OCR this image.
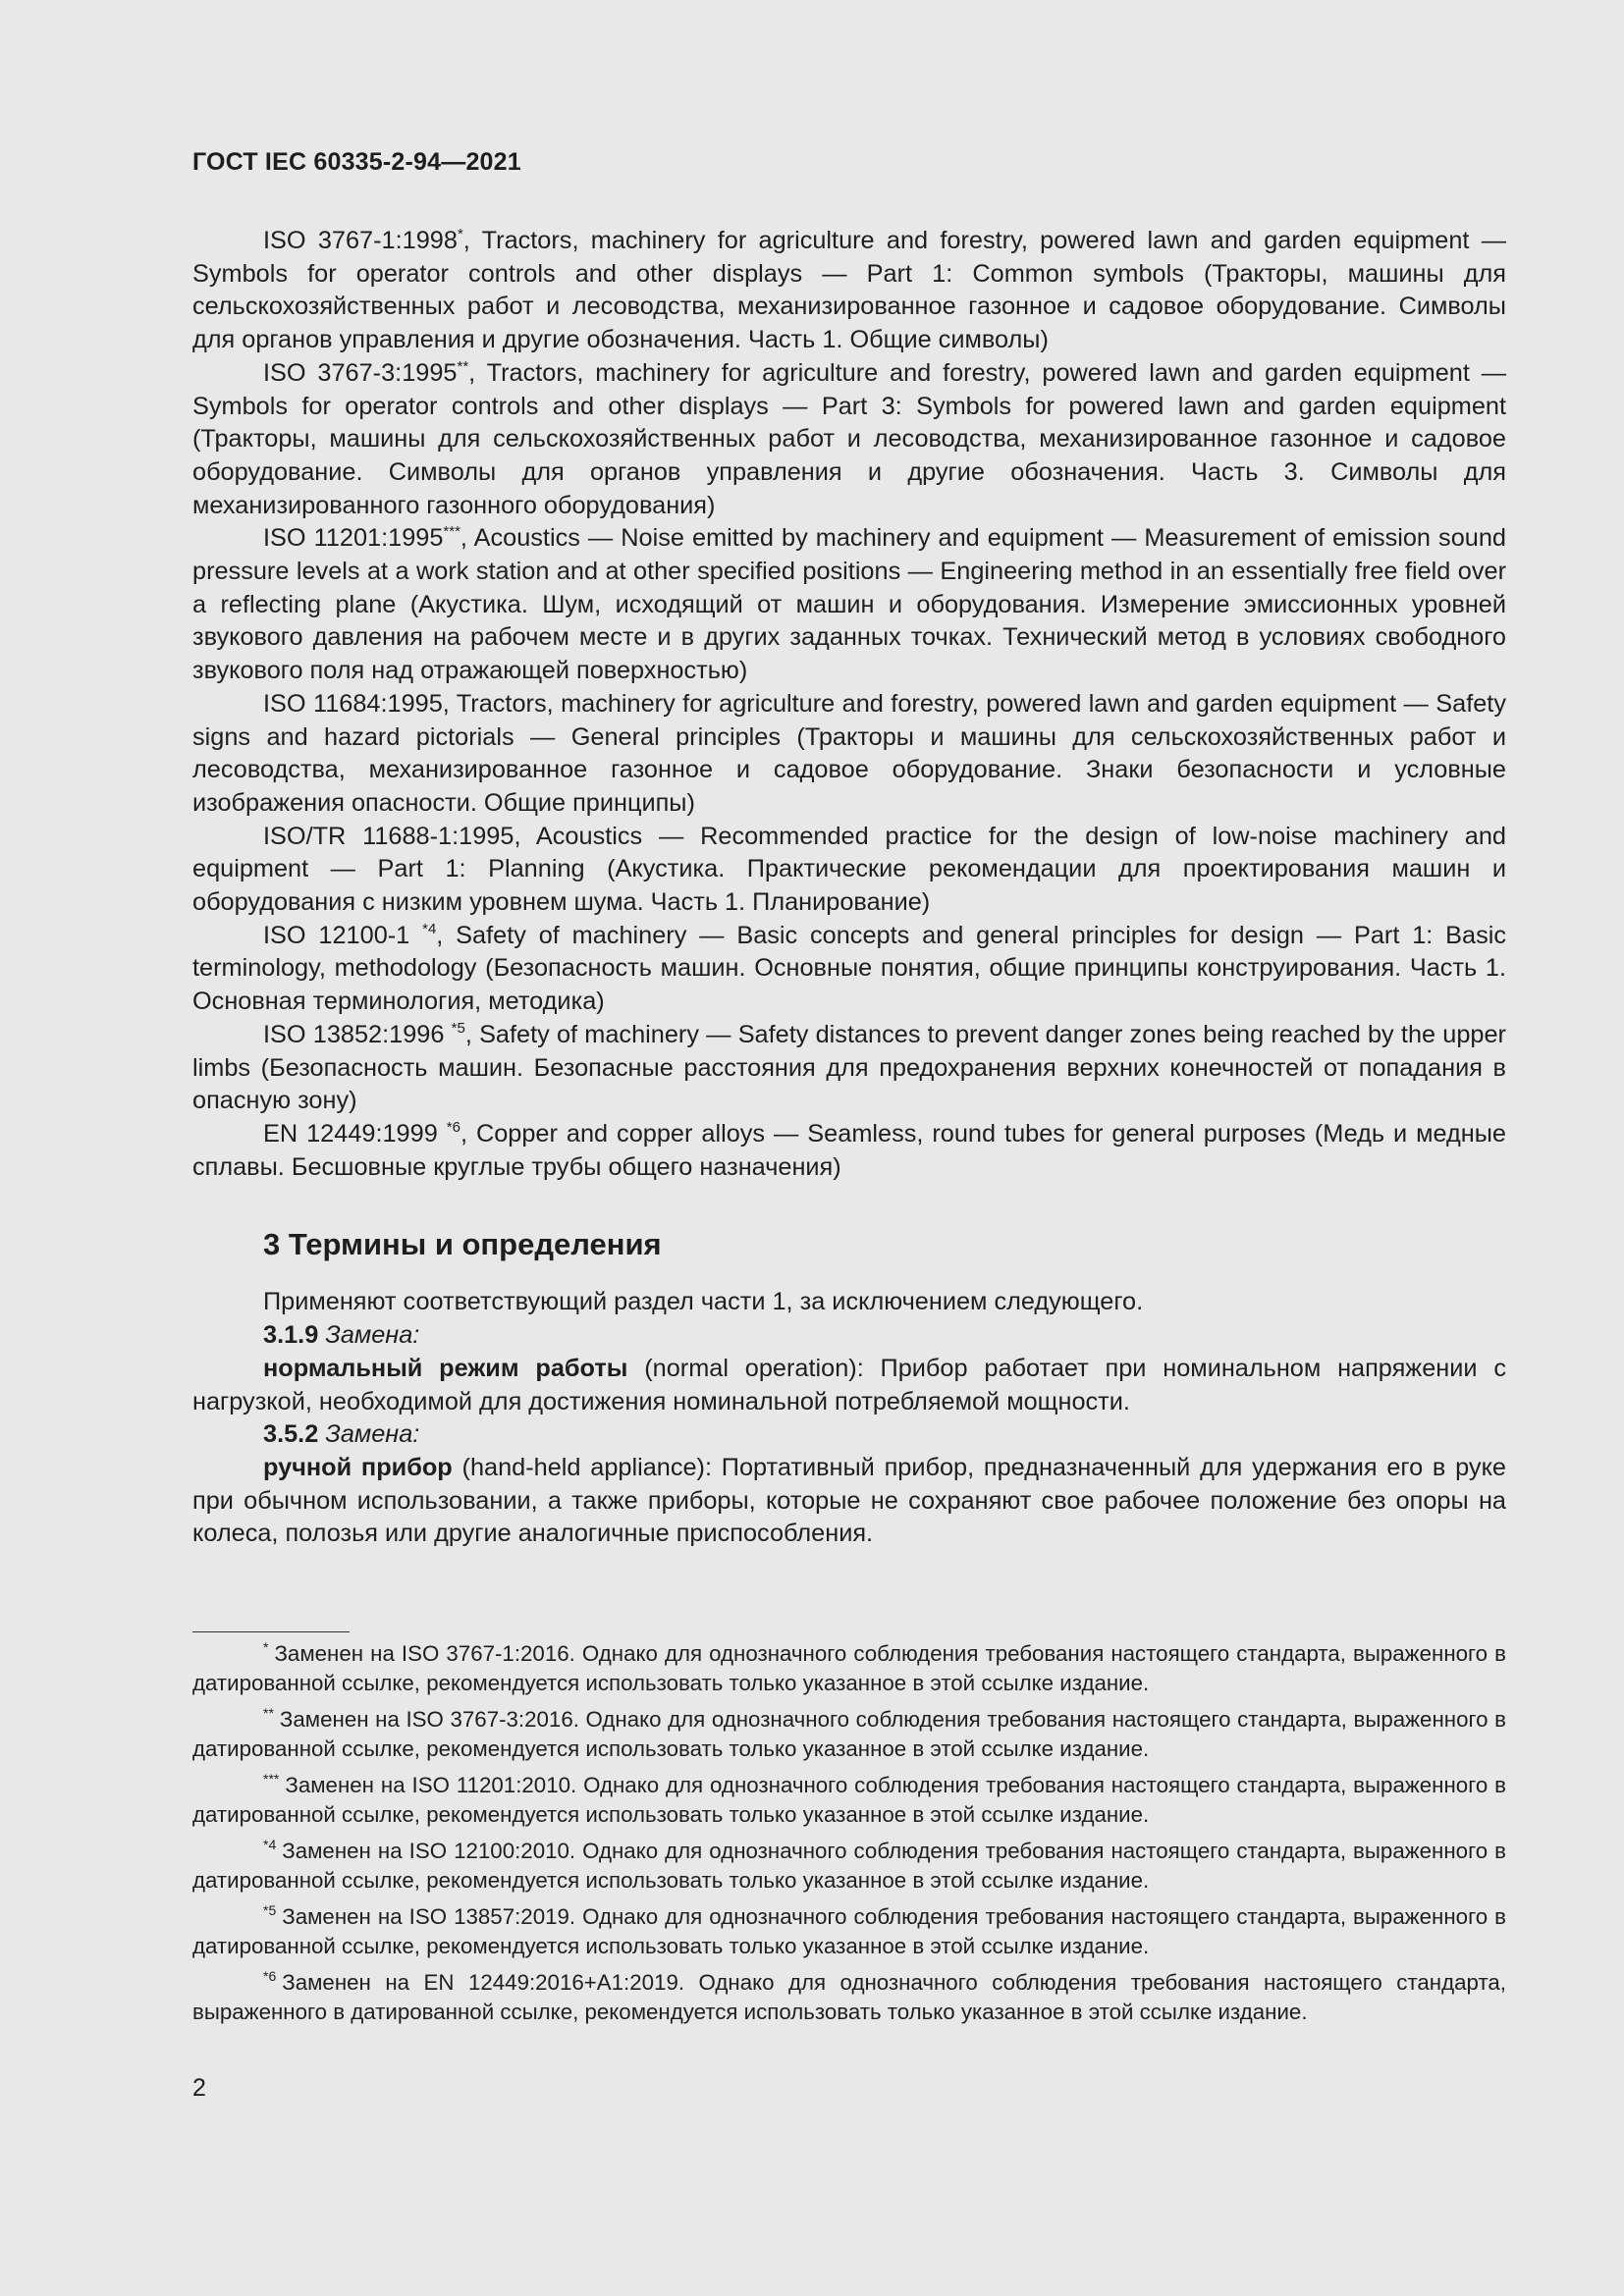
ГОСТ IEC 60335-2-94—2021

ISO 3767-1:1998*, Tractors, machinery for agriculture and forestry, powered lawn and garden equipment — Symbols for operator controls and other displays — Part 1: Common symbols (Тракторы, машины для сельскохозяйственных работ и лесоводства, механизированное газонное и садовое оборудование. Символы для органов управления и другие обозначения. Часть 1. Общие символы)

ISO 3767-3:1995**, Tractors, machinery for agriculture and forestry, powered lawn and garden equipment — Symbols for operator controls and other displays — Part 3: Symbols for powered lawn and garden equipment (Тракторы, машины для сельскохозяйственных работ и лесоводства, механизированное газонное и садовое оборудование. Символы для органов управления и другие обозначения. Часть 3. Символы для механизированного газонного оборудования)

ISO 11201:1995***, Acoustics — Noise emitted by machinery and equipment — Measurement of emission sound pressure levels at a work station and at other specified positions — Engineering method in an essentially free field over a reflecting plane (Акустика. Шум, исходящий от машин и оборудования. Измерение эмиссионных уровней звукового давления на рабочем месте и в других заданных точках. Технический метод в условиях свободного звукового поля над отражающей поверхностью)

ISO 11684:1995, Tractors, machinery for agriculture and forestry, powered lawn and garden equipment — Safety signs and hazard pictorials — General principles (Тракторы и машины для сельскохозяйственных работ и лесоводства, механизированное газонное и садовое оборудование. Знаки безопасности и условные изображения опасности. Общие принципы)

ISO/TR 11688-1:1995, Acoustics — Recommended practice for the design of low-noise machinery and equipment — Part 1: Planning (Акустика. Практические рекомендации для проектирования машин и оборудования с низким уровнем шума. Часть 1. Планирование)

ISO 12100-1 $^{*4}$, Safety of machinery — Basic concepts and general principles for design — Part 1: Basic terminology, methodology (Безопасность машин. Основные понятия, общие принципы конструирования. Часть 1. Основная терминология, методика)

ISO 13852:1996 $^{*5}$, Safety of machinery — Safety distances to prevent danger zones being reached by the upper limbs (Безопасность машин. Безопасные расстояния для предохранения верхних конечностей от попадания в опасную зону)

EN 12449:1999 $^{*6}$, Copper and copper alloys — Seamless, round tubes for general purposes (Медь и медные сплавы. Бесшовные круглые трубы общего назначения)

3 Термины и определения

Применяют соответствующий раздел части 1, за исключением следующего.

3.1.9 Замена:

нормальный режим работы (normal operation): Прибор работает при номинальном напряжении с нагрузкой, необходимой для достижения номинальной потребляемой мощности.

3.5.2 Замена:

ручной прибор (hand-held appliance): Портативный прибор, предназначенный для удержания его в руке при обычном использовании, а также приборы, которые не сохраняют свое рабочее положение без опоры на колеса, полозья или другие аналогичные приспособления.

* Заменен на ISO 3767-1:2016. Однако для однозначного соблюдения требования настоящего стандарта, выраженного в датированной ссылке, рекомендуется использовать только указанное в этой ссылке издание.

** Заменен на ISO 3767-3:2016. Однако для однозначного соблюдения требования настоящего стандарта, выраженного в датированной ссылке, рекомендуется использовать только указанное в этой ссылке издание.

*** Заменен на ISO 11201:2010. Однако для однозначного соблюдения требования настоящего стандарта, выраженного в датированной ссылке, рекомендуется использовать только указанное в этой ссылке издание.

$^{*4}$ Заменен на ISO 12100:2010. Однако для однозначного соблюдения требования настоящего стандарта, выраженного в датированной ссылке, рекомендуется использовать только указанное в этой ссылке издание.

$^{*5}$ Заменен на ISO 13857:2019. Однако для однозначного соблюдения требования настоящего стандарта, выраженного в датированной ссылке, рекомендуется использовать только указанное в этой ссылке издание.

$^{*6}$ Заменен на EN 12449:2016+А1:2019. Однако для однозначного соблюдения требования настоящего стандарта, выраженного в датированной ссылке, рекомендуется использовать только указанное в этой ссылке издание.

2
